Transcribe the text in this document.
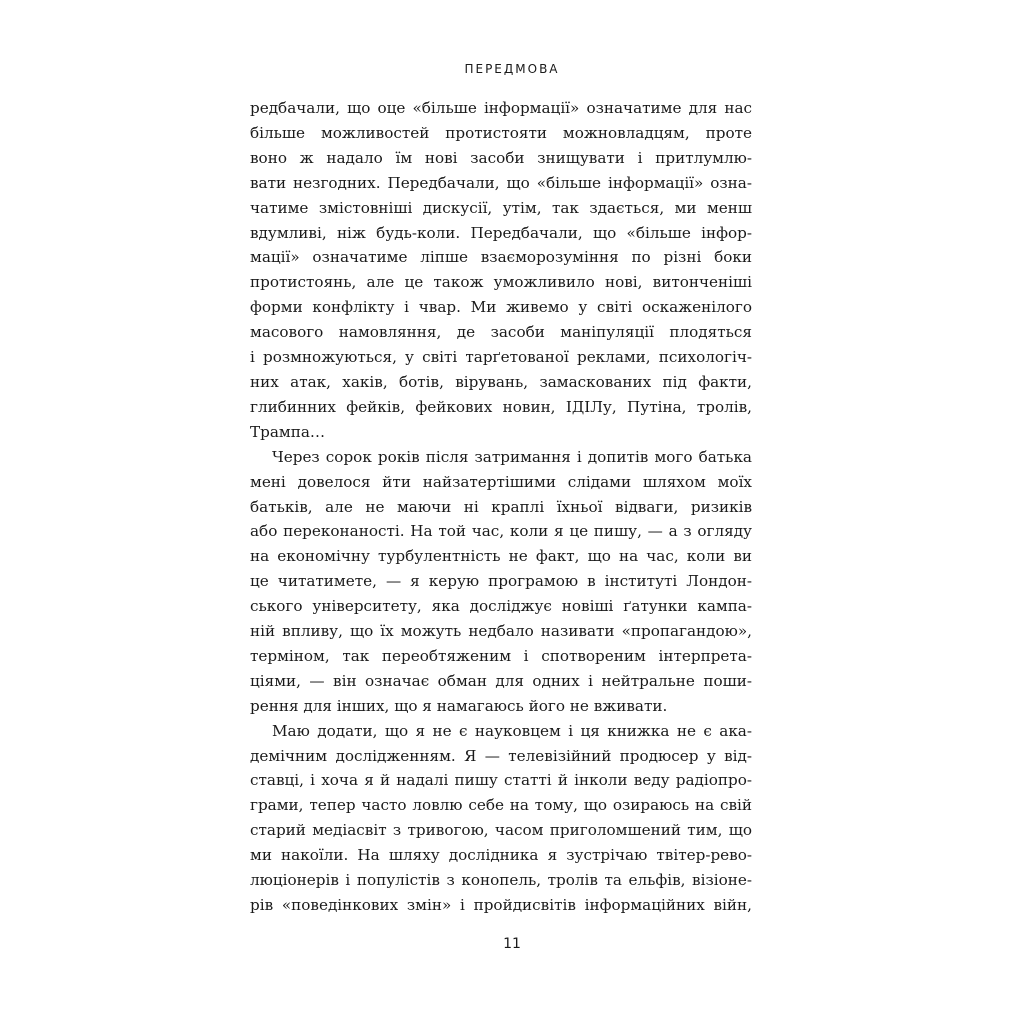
ПЕРЕДМОВА

редбачали, що оце «більше інформації» означатиме для нас
більше можливостей протистояти можновладцям, проте
воно ж надало їм нові засоби знищувати і притлумлю-
вати незгодних. Передбачали, що «більше інформації» озна-
чатиме змістовніші дискусії, утім, так здається, ми менш
вдумливі, ніж будь-коли. Передбачали, що «більше інфор-
мації» означатиме ліпше взаєморозуміння по різні боки
протистоянь, але це також уможливило нові, витонченіші
форми конфлікту і чвар. Ми живемо у світі оскаженілого
масового намовляння, де засоби маніпуляції плодяться
і розмножуються, у світі тарґетованої реклами, психологіч-
них атак, хаків, ботів, вірувань, замаскованих під факти,
глибинних фейків, фейкових новин, ІДІЛу, Путіна, тролів,
Трампа…

Через сорок років після затримання і допитів мого батька
мені довелося йти найзатертішими слідами шляхом моїх
батьків, але не маючи ні краплі їхньої відваги, ризиків
або переконаності. На той час, коли я це пишу, — а з огляду
на економічну турбулентність не факт, що на час, коли ви
це читатимете, — я керую програмою в інституті Лондон-
ського університету, яка досліджує новіші ґатунки кампа-
ній впливу, що їх можуть недбало називати «пропагандою»,
терміном, так переобтяженим і спотвореним інтерпрета-
ціями, — він означає обман для одних і нейтральне поши-
рення для інших, що я намагаюсь його не вживати.

Маю додати, що я не є науковцем і ця книжка не є ака-
демічним дослідженням. Я — телевізійний продюсер у від-
ставці, і хоча я й надалі пишу статті й інколи веду радіопро-
грами, тепер часто ловлю себе на тому, що озираюсь на свій
старий медіасвіт з тривогою, часом приголомшений тим, що
ми накоїли. На шляху дослідника я зустрічаю твітер-рево-
люціонерів і популістів з конопель, тролів та ельфів, візіоне-
рів «поведінкових змін» і пройдисвітів інформаційних війн,

11
